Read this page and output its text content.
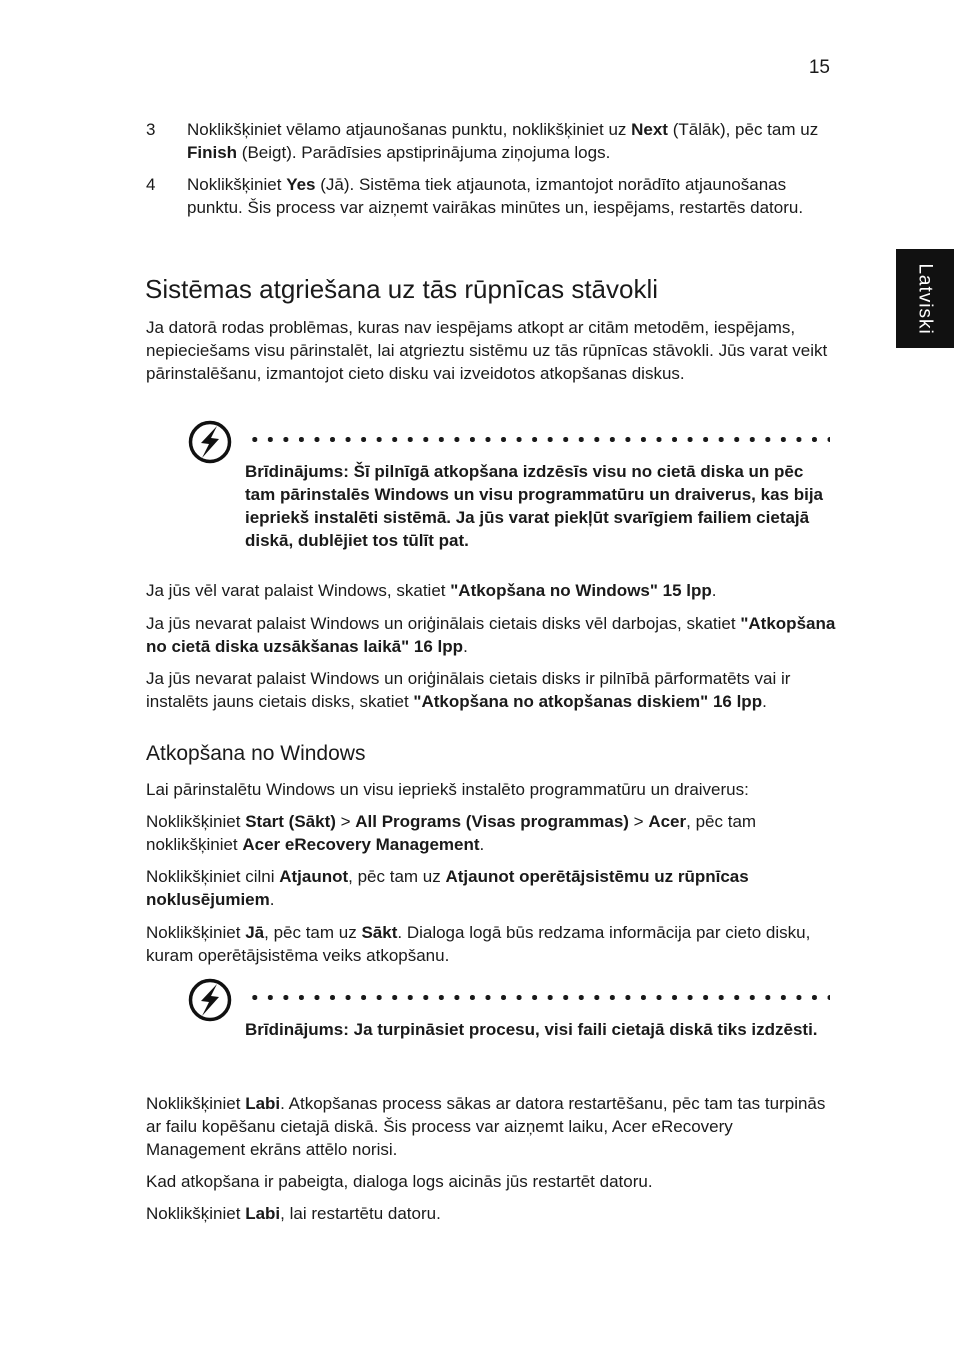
15
Latviski
3	Noklikšķiniet vēlamo atjaunošanas punktu, noklikšķiniet uz Next (Tālāk), pēc tam uz Finish (Beigt). Parādīsies apstiprinājuma ziņojuma logs.
4	Noklikšķiniet Yes (Jā). Sistēma tiek atjaunota, izmantojot norādīto atjaunošanas punktu. Šis process var aizņemt vairākas minūtes un, iespējams, restartēs datoru.
Sistēmas atgriešana uz tās rūpnīcas stāvokli
Ja datorā rodas problēmas, kuras nav iespējams atkopt ar citām metodēm, iespējams, nepieciešams visu pārinstalēt, lai atgrieztu sistēmu uz tās rūpnīcas stāvokli. Jūs varat veikt pārinstalēšanu, izmantojot cieto disku vai izveidotos atkopšanas diskus.
Brīdinājums: Šī pilnīgā atkopšana izdzēsīs visu no cietā diska un pēc tam pārinstalēs Windows un visu programmatūru un draiverus, kas bija iepriekš instalēti sistēmā. Ja jūs varat piekļūt svarīgiem failiem cietajā diskā, dublējiet tos tūlīt pat.
Ja jūs vēl varat palaist Windows, skatiet "Atkopšana no Windows" 15 lpp.
Ja jūs nevarat palaist Windows un oriģinālais cietais disks vēl darbojas, skatiet "Atkopšana no cietā diska uzsākšanas laikā" 16 lpp.
Ja jūs nevarat palaist Windows un oriģinālais cietais disks ir pilnībā pārformatēts vai ir instalēts jauns cietais disks, skatiet "Atkopšana no atkopšanas diskiem" 16 lpp.
Atkopšana no Windows
Lai pārinstalētu Windows un visu iepriekš instalēto programmatūru un draiverus:
Noklikšķiniet Start (Sākt) > All Programs (Visas programmas) > Acer, pēc tam noklikšķiniet Acer eRecovery Management.
Noklikšķiniet cilni Atjaunot, pēc tam uz Atjaunot operētājsistēmu uz rūpnīcas noklusējumiem.
Noklikšķiniet Jā, pēc tam uz Sākt. Dialoga logā būs redzama informācija par cieto disku, kuram operētājsistēma veiks atkopšanu.
Brīdinājums: Ja turpināsiet procesu, visi faili cietajā diskā tiks izdzēsti.
Noklikšķiniet Labi. Atkopšanas process sākas ar datora restartēšanu, pēc tam tas turpinās ar failu kopēšanu cietajā diskā. Šis process var aizņemt laiku, Acer eRecovery Management ekrāns attēlo norisi.
Kad atkopšana ir pabeigta, dialoga logs aicinās jūs restartēt datoru.
Noklikšķiniet Labi, lai restartētu datoru.
